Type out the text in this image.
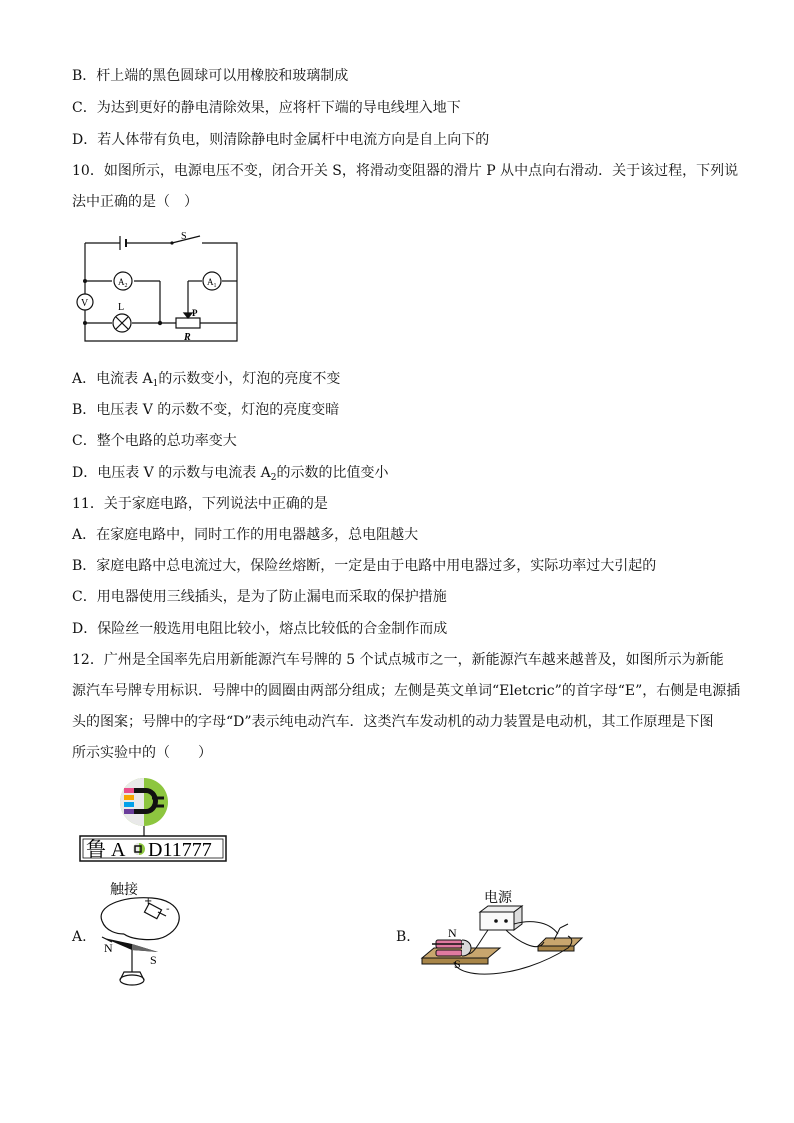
B．杆上端的黑色圆球可以用橡胶和玻璃制成
C．为达到更好的静电清除效果，应将杆下端的导电线埋入地下
D．若人体带有负电，则清除静电时金属杆中电流方向是自上向下的
10．如图所示，电源电压不变，闭合开关 S，将滑动变阻器的滑片 P 从中点向右滑动．关于该过程，下列说
法中正确的是（　）
S
$A_2$	$A_1$
V	L	P
R
A．电流表 $A_1$的示数变小，灯泡的亮度不变
B．电压表 V 的示数不变，灯泡的亮度变暗
C．整个电路的总功率变大
D．电压表 V 的示数与电流表 $A_2$的示数的比值变小
11．关于家庭电路，下列说法中正确的是
A．在家庭电路中，同时工作的用电器越多，总电阻越大
B．家庭电路中总电流过大，保险丝熔断，一定是由于电路中用电器过多，实际功率过大引起的
C．用电器使用三线插头，是为了防止漏电而采取的保护措施
D．保险丝一般选用电阻比较小，熔点比较低的合金制作而成
12．广州是全国率先启用新能源汽车号牌的 5 个试点城市之一，新能源汽车越来越普及，如图所示为新能
源汽车号牌专用标识．号牌中的圆圈由两部分组成；左侧是英文单词“Eletcric”的首字母“E”，右侧是电源插
头的图案；号牌中的字母“D”表示纯电动汽车．这类汽车发动机的动力装置是电动机，其工作原理是下图
所示实验中的（　　）
鲁 A D11777
A.
触接
N
S
+
-
B.
电源
N
S
